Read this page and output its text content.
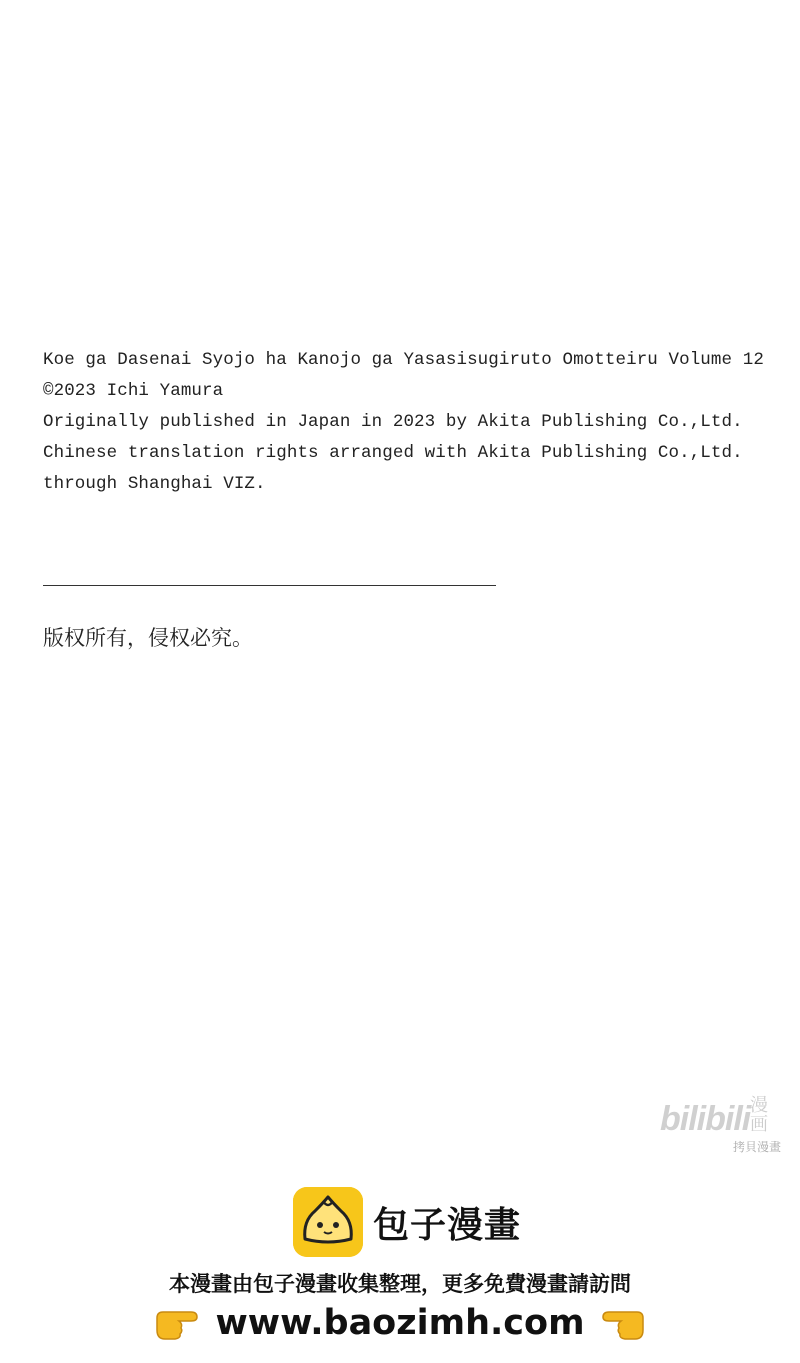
Koe ga Dasenai Syojo ha Kanojo ga Yasasisugiruto Omotteiru Volume 12
©2023 Ichi Yamura
Originally published in Japan in 2023 by Akita Publishing Co.,Ltd.
Chinese translation rights arranged with Akita Publishing Co.,Ltd.
through Shanghai VIZ.
版权所有，侵权必究。
bilibili 漫画
拷貝漫畫
包子漫畫
本漫畫由包子漫畫收集整理，更多免費漫畫請訪問
www.baozimh.com
